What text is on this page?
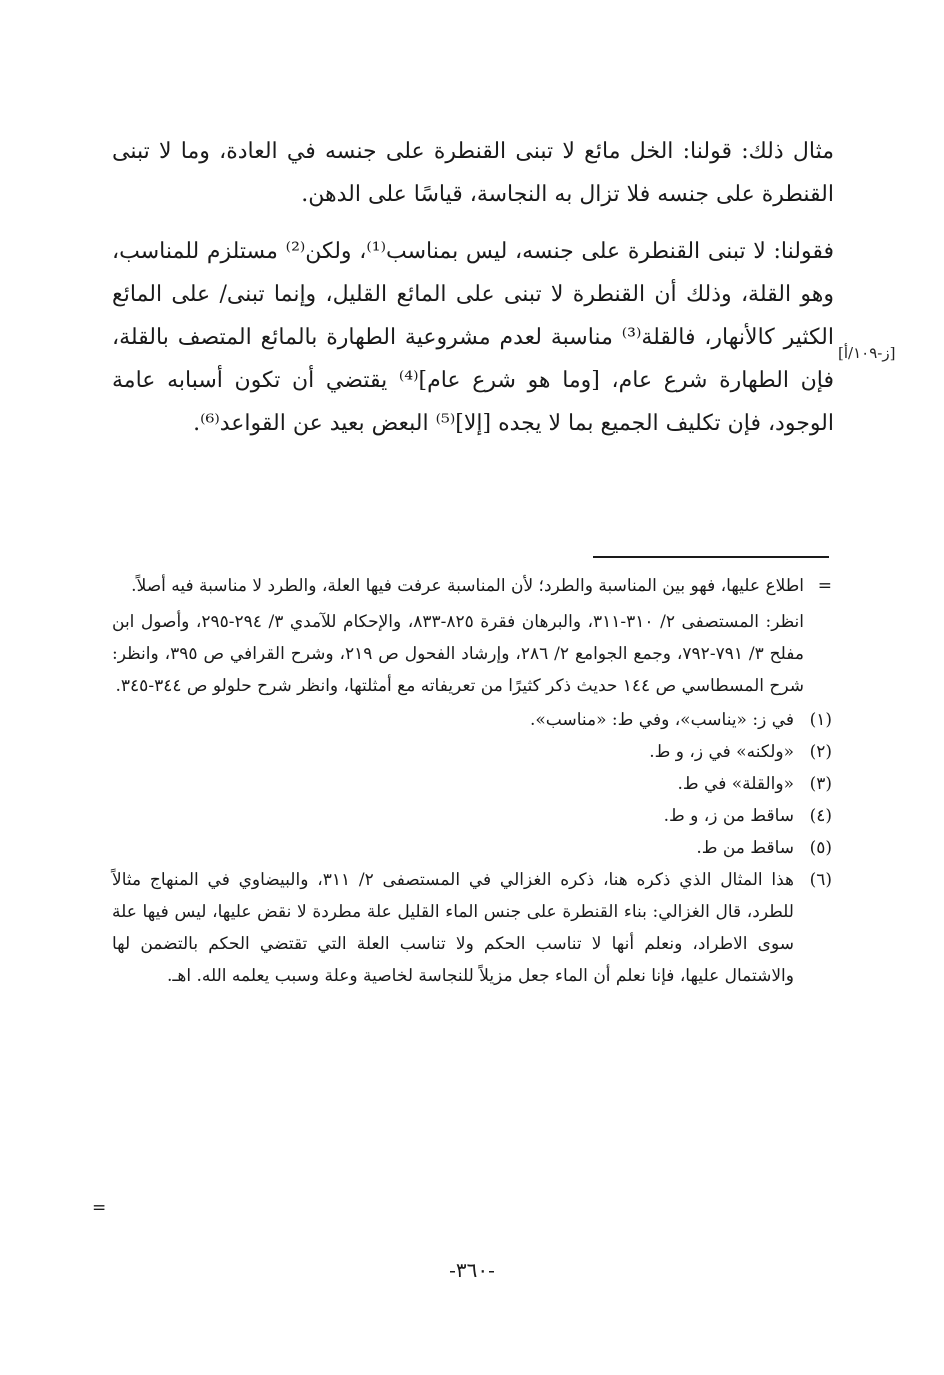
مثال ذلك: قولنا: الخل مائع لا تبنى القنطرة على جنسه في العادة، وما لا تبنى القنطرة على جنسه فلا تزال به النجاسة، قياسًا على الدهن.

فقولنا: لا تبنى القنطرة على جنسه، ليس بمناسب⁽¹⁾، ولكن⁽²⁾ مستلزم للمناسب، وهو القلة، وذلك أن القنطرة لا تبنى على المائع القليل، وإنما تبنى/ على المائع الكثير كالأنهار، فالقلة⁽³⁾ مناسبة لعدم مشروعية الطهارة بالمائع المتصف بالقلة، فإن الطهارة شرع عام، [وما هو شرع عام]⁽⁴⁾ يقتضي أن تكون أسبابه عامة الوجود، فإن تكليف الجميع بما لا يجده [إلا]⁽⁵⁾ البعض بعيد عن القواعد⁽⁶⁾.

[ز-١٠٩/أ]
=
اطلاع عليها، فهو بين المناسبة والطرد؛ لأن المناسبة عرفت فيها العلة، والطرد لا مناسبة فيه أصلاً.
انظر: المستصفى ٢/ ٣١٠-٣١١، والبرهان فقرة ٨٢٥-٨٣٣، والإحكام للآمدي ٣/ ٢٩٤-٢٩٥، وأصول ابن مفلح ٣/ ٧٩١-٧٩٢، وجمع الجوامع ٢/ ٢٨٦، وإرشاد الفحول ص ٢١٩، وشرح القرافي ص ٣٩٥، وانظر: شرح المسطاسي ص ١٤٤ حديث ذكر كثيرًا من تعريفاته مع أمثلتها، وانظر شرح حلولو ص ٣٤٤-٣٤٥.
(١)
في ز: «يناسب»، وفي ط: «مناسب».
(٢)
«ولكنه» في ز، و ط.
(٣)
«والقلة» في ط.
(٤)
ساقط من ز، و ط.
(٥)
ساقط من ط.
(٦)
هذا المثال الذي ذكره هنا، ذكره الغزالي في المستصفى ٢/ ٣١١، والبيضاوي في المنهاج مثالاً للطرد، قال الغزالي: بناء القنطرة على جنس الماء القليل علة مطردة لا نقض عليها، ليس فيها علة سوى الاطراد، ونعلم أنها لا تناسب الحكم ولا تناسب العلة التي تقتضي الحكم بالتضمن لها والاشتمال عليها، فإنا نعلم أن الماء جعل مزيلاً للنجاسة لخاصية وعلة وسبب يعلمه الله. اهـ.
=
-٣٦٠-
